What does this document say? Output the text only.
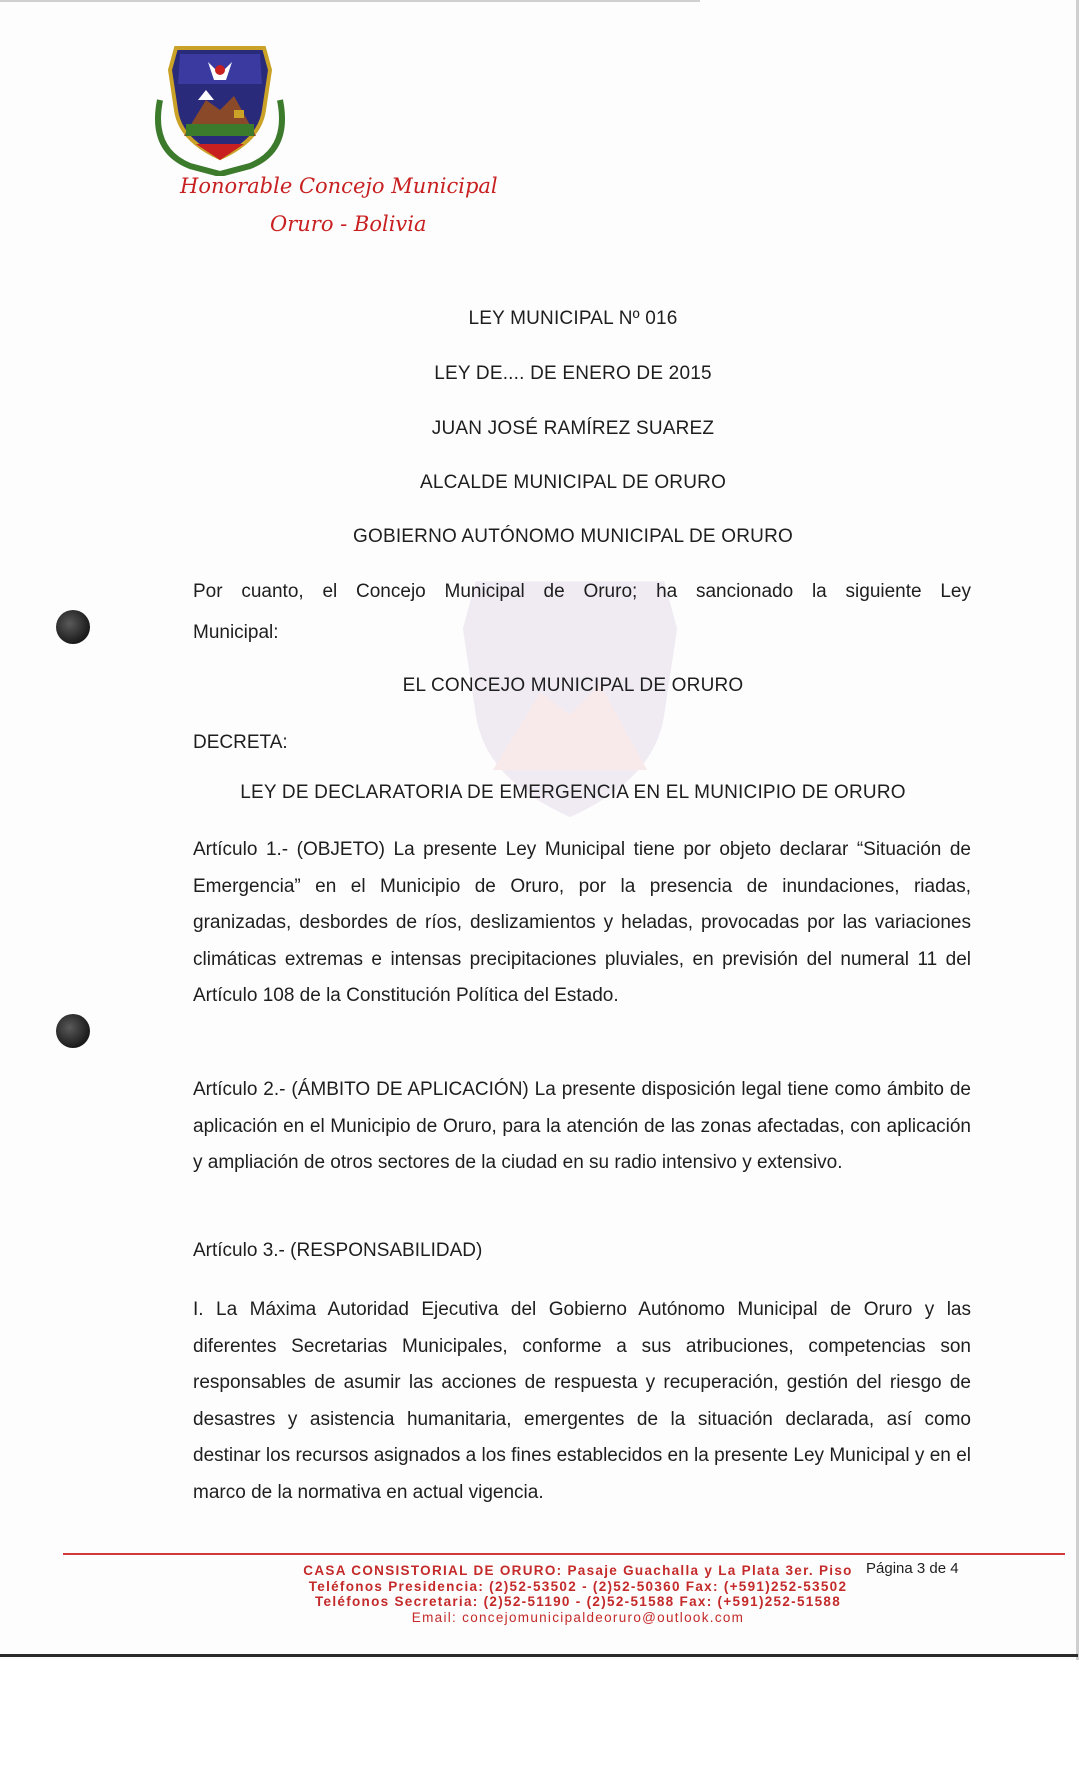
Honorable Concejo Municipal
Oruro - Bolivia
LEY MUNICIPAL Nº 016
LEY DE.... DE ENERO DE 2015
JUAN JOSÉ RAMÍREZ SUAREZ
ALCALDE MUNICIPAL DE ORURO
GOBIERNO AUTÓNOMO MUNICIPAL DE ORURO
Por cuanto, el Concejo Municipal de Oruro; ha sancionado la siguiente Ley
Municipal:
EL CONCEJO MUNICIPAL DE ORURO
DECRETA:
LEY DE DECLARATORIA DE EMERGENCIA EN EL MUNICIPIO DE ORURO
Artículo 1.- (OBJETO) La presente Ley Municipal tiene por objeto declarar “Situación de Emergencia” en el Municipio de Oruro, por la presencia de inundaciones, riadas, granizadas, desbordes de ríos, deslizamientos y heladas, provocadas por las variaciones climáticas extremas e intensas precipitaciones pluviales, en previsión del numeral 11 del Artículo 108 de la Constitución Política del Estado.
Artículo 2.- (ÁMBITO DE APLICACIÓN) La presente disposición legal tiene como ámbito de aplicación en el Municipio de Oruro, para la atención de las zonas afectadas, con aplicación y ampliación de otros sectores de la ciudad en su radio intensivo y extensivo.
Artículo 3.- (RESPONSABILIDAD)
I. La Máxima Autoridad Ejecutiva del Gobierno Autónomo Municipal de Oruro y las diferentes Secretarias Municipales, conforme a sus atribuciones, competencias son responsables de asumir las acciones de respuesta y recuperación, gestión del riesgo de desastres y asistencia humanitaria, emergentes de la situación declarada, así como destinar los recursos asignados a los fines establecidos en la presente Ley Municipal y en el marco de la normativa en actual vigencia.
CASA CONSISTORIAL DE ORURO: Pasaje Guachalla y La Plata 3er. Piso
Teléfonos Presidencia: (2)52-53502 - (2)52-50360 Fax: (+591)252-53502
Teléfonos Secretaria: (2)52-51190 - (2)52-51588 Fax: (+591)252-51588
Email: concejomunicipaldeoruro@outlook.com
Página 3 de 4
